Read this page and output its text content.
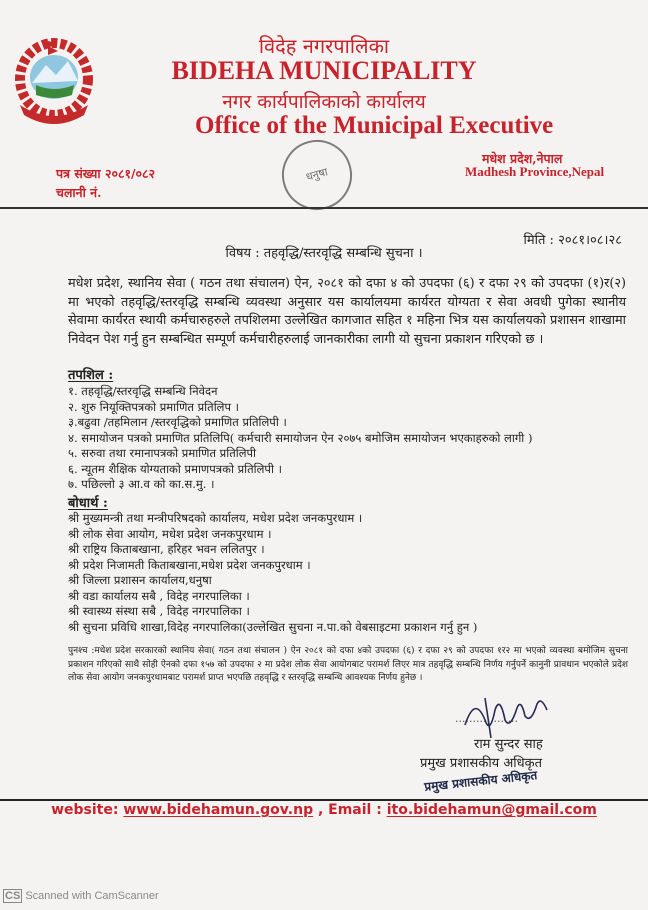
विदेह नगरपालिका
BIDEHA MUNICIPALITY
नगर कार्यपालिकाको कार्यालय
Office of the Municipal Executive
मधेश प्रदेश,नेपाल
Madhesh Province,Nepal
पत्र संख्या २०८१/०८२
चलानी नं.
धनुषा
मिति : २०८१।०८।२८
विषय : तहवृद्धि/स्तरवृद्धि सम्बन्धि सुचना ।
मधेश प्रदेश, स्थानिय सेवा ( गठन तथा संचालन) ऐन, २०८१ को दफा ४ को उपदफा (६) र दफा २९ को उपदफा (१)र(२) मा भएको तहवृद्धि/स्तरवृद्धि सम्बन्धि व्यवस्था अनुसार यस कार्यालयमा कार्यरत योग्यता र सेवा अवधी पुगेका स्थानीय सेवामा कार्यरत स्थायी कर्मचारुहरुले तपशिलमा उल्लेखित कागजात सहित १ महिना भित्र यस कार्यालयको प्रशासन शाखामा निवेदन पेश गर्नु हुन सम्बन्धित सम्पूर्ण कर्मचारीहरुलाई जानकारीका लागी यो सुचना प्रकाशन गरिएको छ ।
तपशिल :
१. तहवृद्धि/स्तरवृद्धि सम्बन्धि निवेदन
२. शुरु नियूक्तिपत्रको प्रमाणित प्रतिलिप ।
३.बढुवा /तहमिलान /स्तरवृद्धिको प्रमाणित प्रतिलिपी ।
४. समायोजन पत्रको प्रमाणित प्रतिलिपि( कर्मचारी समायोजन ऐन २०७५ बमोजिम समायोजन भएकाहरुको लागी )
५. सरुवा तथा रमानापत्रको प्रमाणित प्रतिलिपी
६. न्यूतम शैक्षिक योग्यताको प्रमाणपत्रको प्रतिलिपी ।
७. पछिल्लो ३ आ.व को का.स.मु. ।
बोधार्थ :
श्री मुख्यमन्त्री तथा मन्त्रीपरिषदको कार्यालय, मधेश प्रदेश जनकपुरधाम ।
श्री लोक सेवा आयोग, मधेश प्रदेश जनकपुरधाम ।
श्री राष्ट्रिय किताबखाना, हरिहर भवन ललितपुर ।
श्री प्रदेश निजामती किताबखाना,मधेश प्रदेश जनकपुरधाम ।
श्री जिल्ला प्रशासन कार्यालय,धनुषा
श्री वडा कार्यालय सबै , विदेह नगरपालिका ।
श्री स्वास्थ्य संस्था सबै , विदेह नगरपालिका ।
श्री सुचना प्रविधि शाखा,विदेह नगरपालिका(उल्लेखित सुचना न.पा.को वेबसाइटमा प्रकाशन गर्नु हुन )
पुनश्च :मधेश प्रदेश सरकारको स्थानिय सेवा( गठन तथा संचालन ) ऐन २०८१ को दफा ४को उपदफा (६) र दफा २९ को उपदफा १र२ मा भएको व्यवस्था बमोजिम सुचना प्रकाशन गरिएको साथै सोही ऐनको दफा १५७ को उपदफा २ मा प्रदेश लोक सेवा आयोगबाट परामर्श लिएर मात्र तहवृद्धि सम्बन्धि निर्णय गर्नुपर्ने कानुनी प्रावधान भएकोले प्रदेश लोक सेवा आयोग जनकपुरधामबाट परामर्श प्राप्त भएपछि तहवृद्धि र स्तरवृद्धि सम्बन्धि आवश्यक निर्णय हुनेछ ।
..................
राम सुन्दर साह
प्रमुख प्रशासकीय अधिकृत
प्रमुख प्रशासकीय अधिकृत
website: www.bidehamun.gov.np , Email : ito.bidehamun@gmail.com
CS Scanned with CamScanner
